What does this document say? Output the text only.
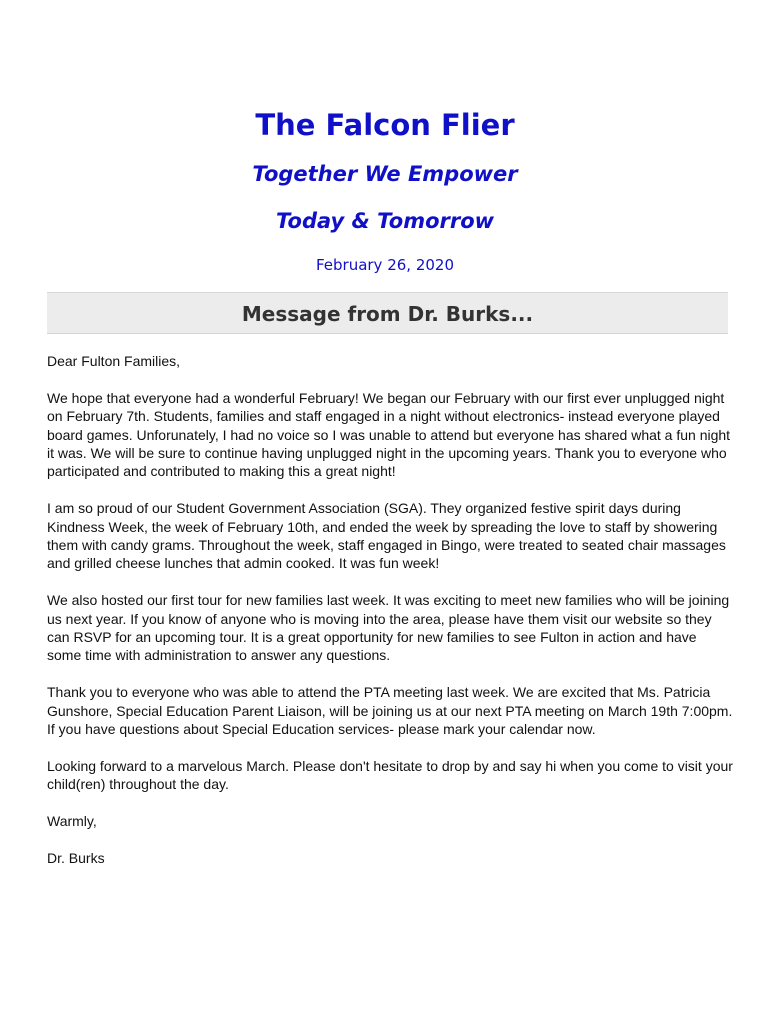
The Falcon Flier
Together We Empower
Today & Tomorrow
February 26, 2020
Message from Dr. Burks...

Dear Fulton Families,

We hope that everyone had a wonderful February! We began our February with our first ever unplugged night on February 7th. Students, families and staff engaged in a night without electronics- instead everyone played board games. Unforunately, I had no voice so I was unable to attend but everyone has shared what a fun night it was. We will be sure to continue having unplugged night in the upcoming years. Thank you to everyone who participated and contributed to making this a great night!

I am so proud of our Student Government Association (SGA). They organized festive spirit days during Kindness Week, the week of February 10th, and ended the week by spreading the love to staff by showering them with candy grams. Throughout the week, staff engaged in Bingo, were treated to seated chair massages and grilled cheese lunches that admin cooked. It was fun week!

We also hosted our first tour for new families last week. It was exciting to meet new families who will be joining us next year. If you know of anyone who is moving into the area, please have them visit our website so they can RSVP for an upcoming tour. It is a great opportunity for new families to see Fulton in action and have some time with administration to answer any questions.

Thank you to everyone who was able to attend the PTA meeting last week. We are excited that Ms. Patricia Gunshore, Special Education Parent Liaison, will be joining us at our next PTA meeting on March 19th 7:00pm. If you have questions about Special Education services- please mark your calendar now.

Looking forward to a marvelous March. Please don't hesitate to drop by and say hi when you come to visit your child(ren) throughout the day.

Warmly,

Dr. Burks
